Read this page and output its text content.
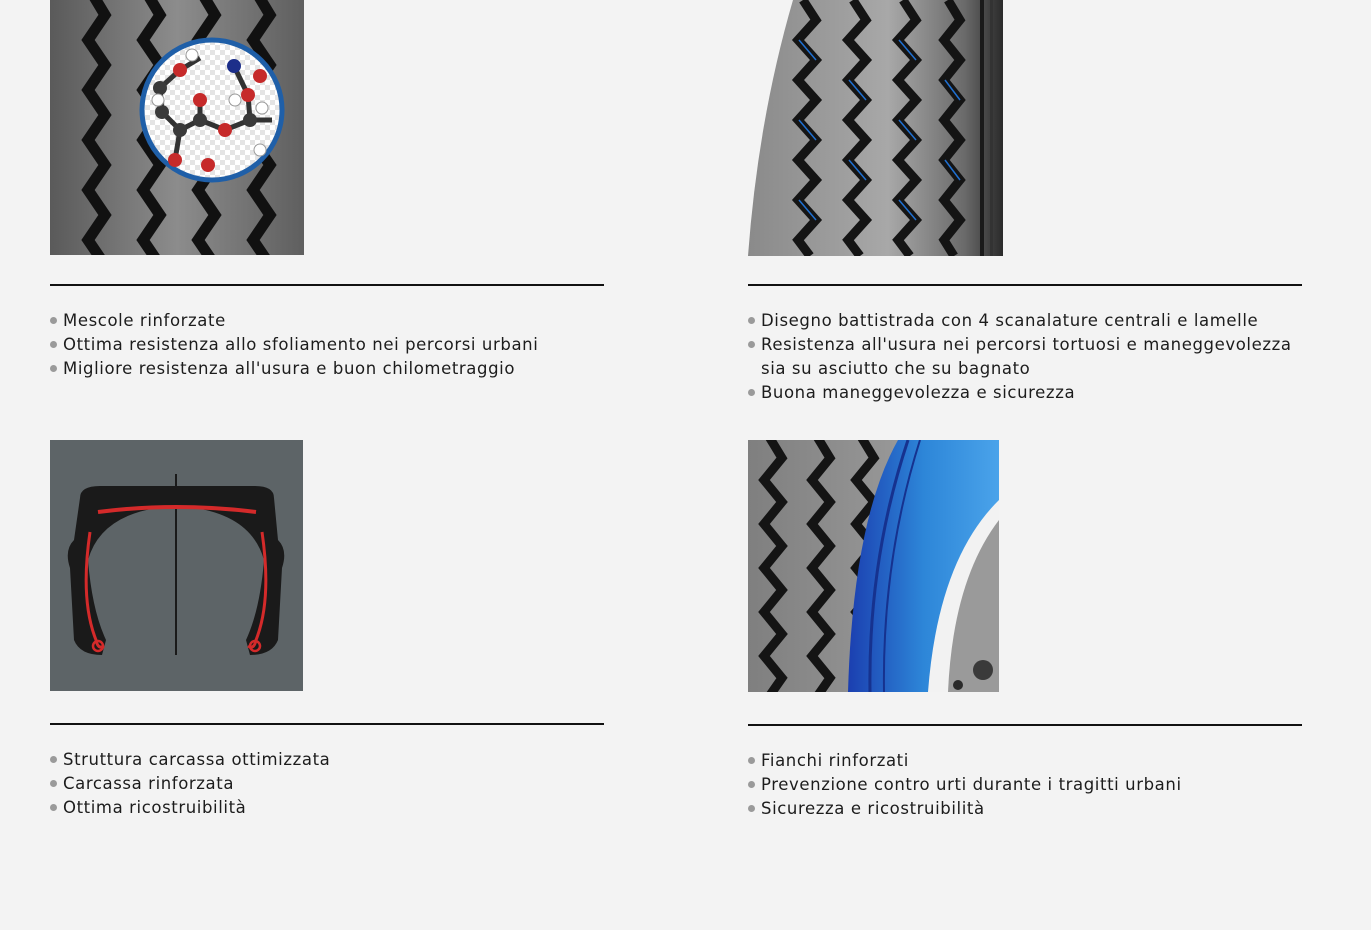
Mescole rinforzate
Ottima resistenza allo sfoliamento nei percorsi urbani
Migliore resistenza all'usura e buon chilometraggio
Disegno battistrada con 4 scanalature centrali e lamelle
Resistenza all'usura nei percorsi tortuosi e maneggevolezza sia su asciutto che su bagnato
Buona maneggevolezza e sicurezza
Struttura carcassa ottimizzata
Carcassa rinforzata
Ottima ricostruibilità
Fianchi rinforzati
Prevenzione contro urti durante i tragitti urbani
Sicurezza e ricostruibilità
